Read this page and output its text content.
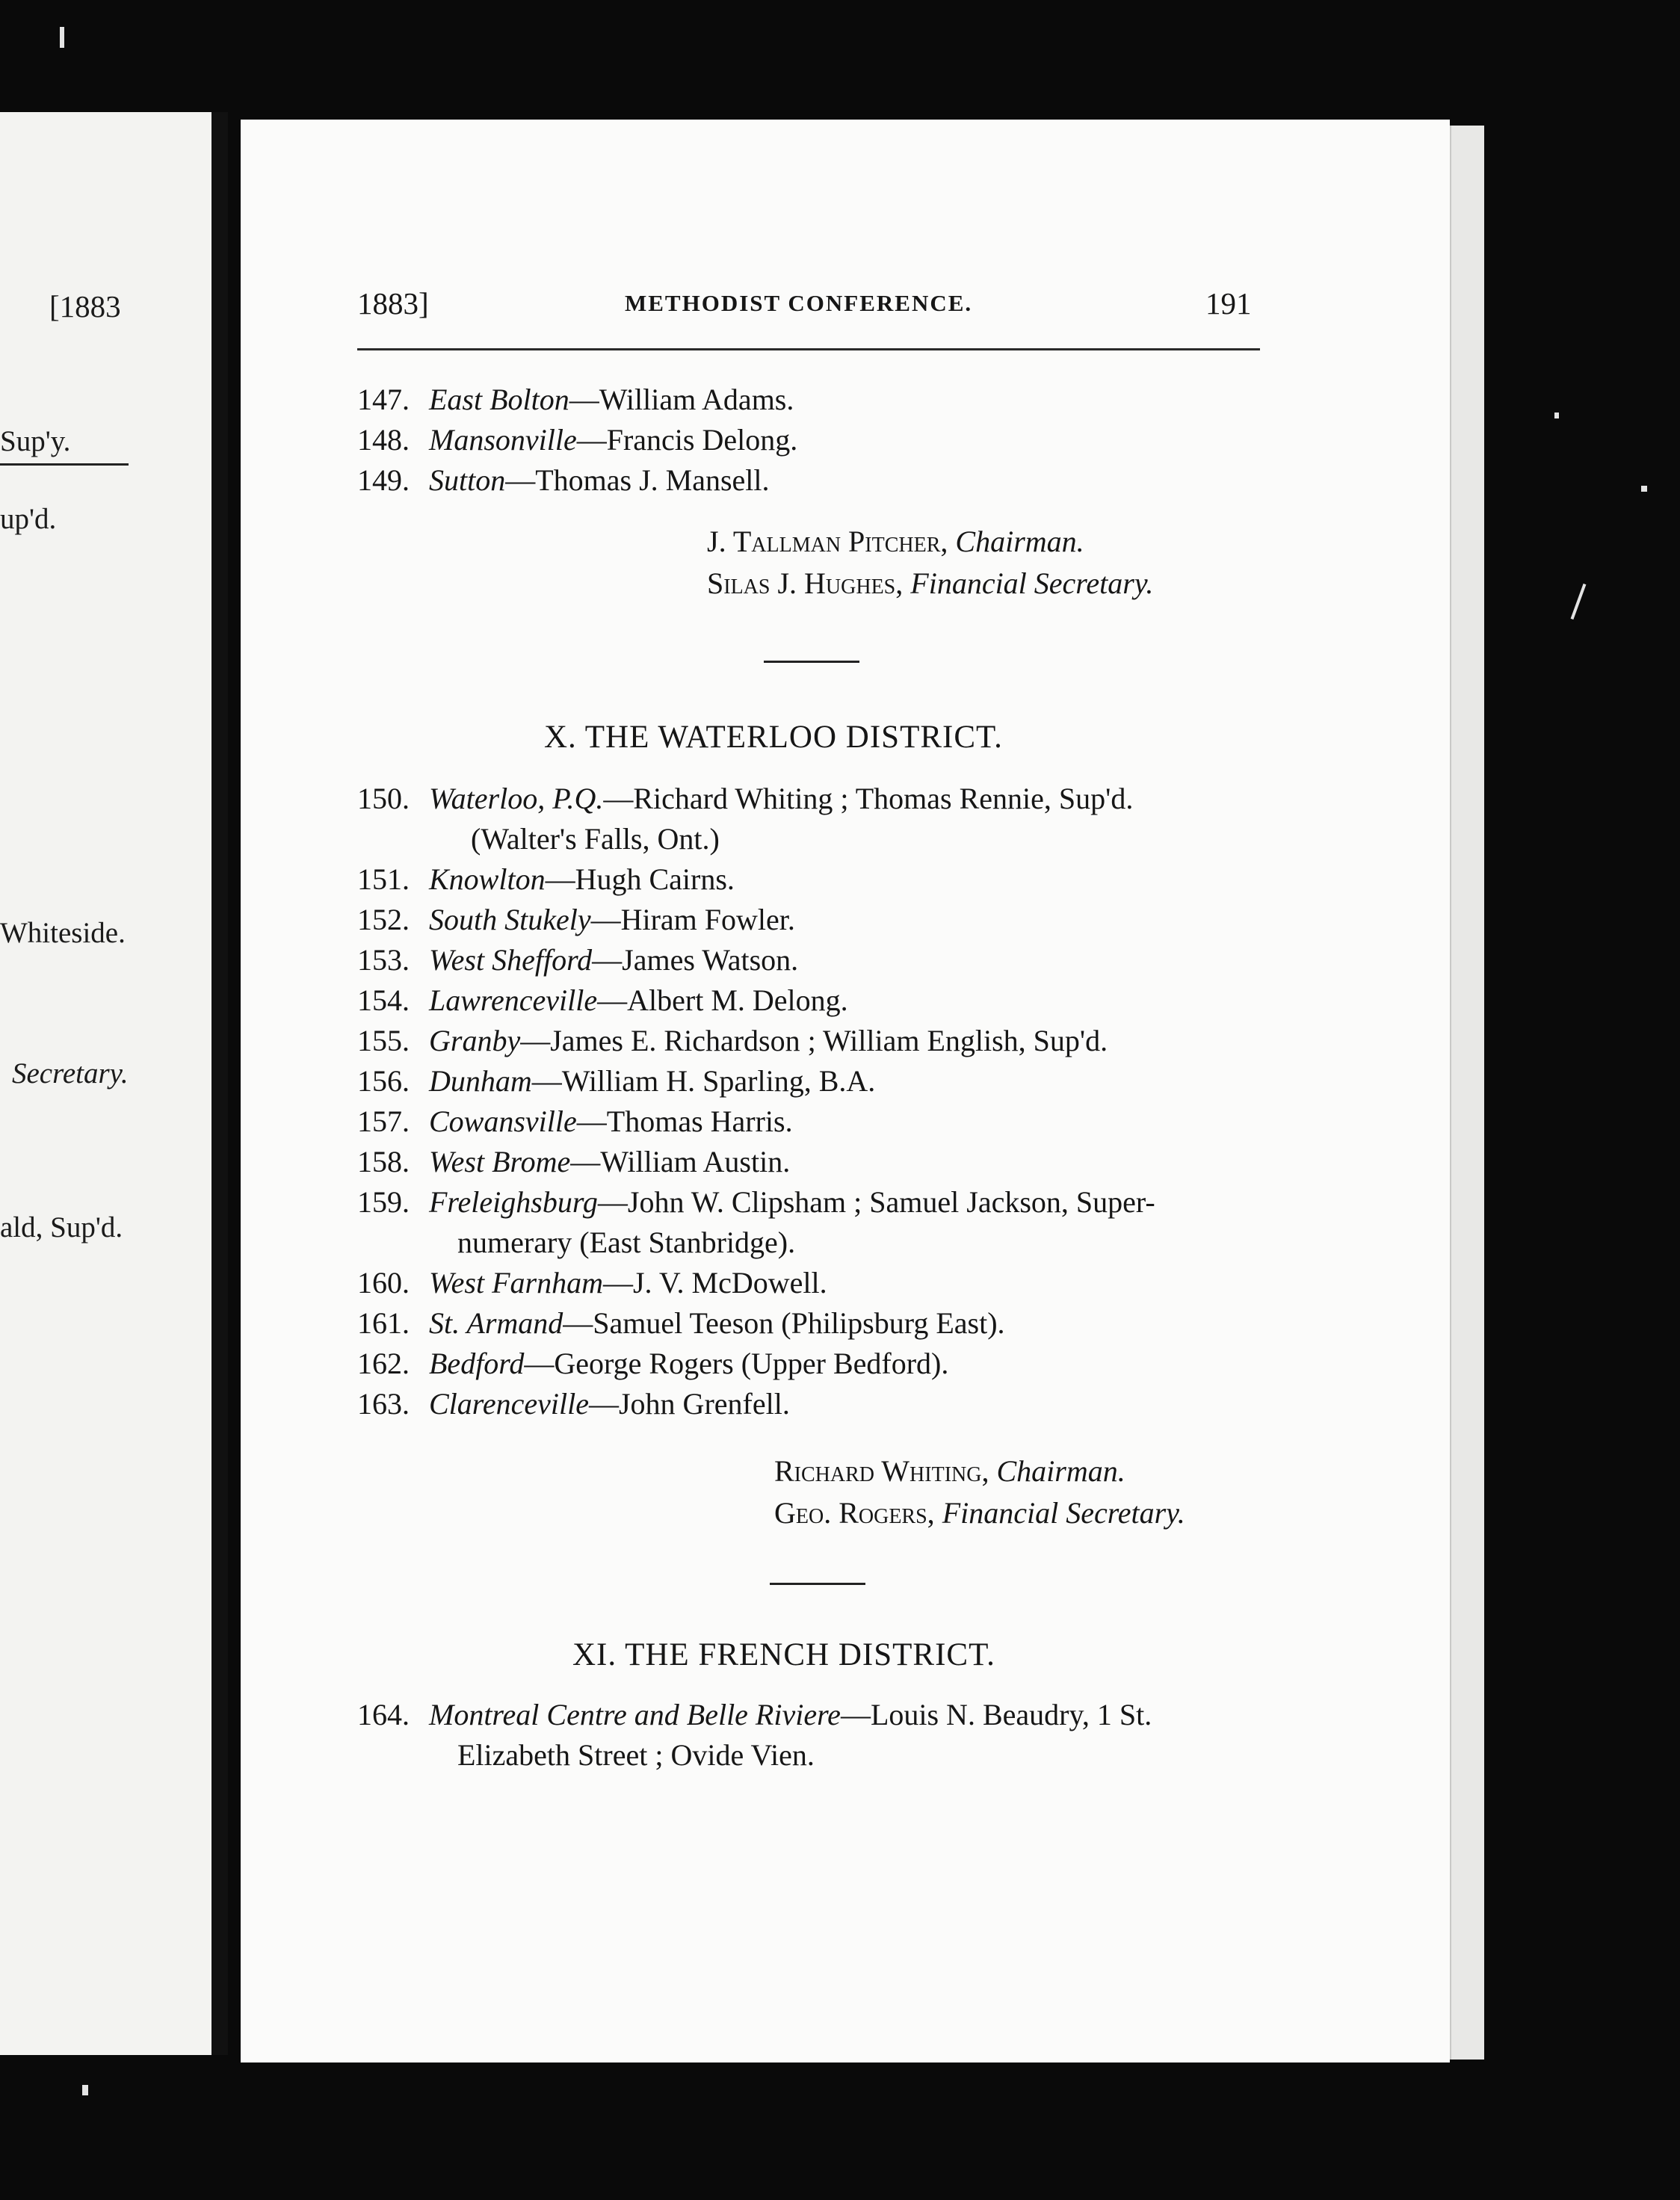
[1883
Sup'y.
up'd.
Whiteside.
Secretary.
ald, Sup'd.
1883]	METHODIST CONFERENCE.	191
147. East Bolton—William Adams.
148. Mansonville—Francis Delong.
149. Sutton—Thomas J. Mansell.
J. Tallman Pitcher, Chairman.
Silas J. Hughes, Financial Secretary.
X. THE WATERLOO DISTRICT.
150. Waterloo, P.Q.—Richard Whiting ; Thomas Rennie, Sup'd.
(Walter's Falls, Ont.)
151. Knowlton—Hugh Cairns.
152. South Stukely—Hiram Fowler.
153. West Shefford—James Watson.
154. Lawrenceville—Albert M. Delong.
155. Granby—James E. Richardson ; William English, Sup'd.
156. Dunham—William H. Sparling, B.A.
157. Cowansville—Thomas Harris.
158. West Brome—William Austin.
159. Freleighsburg—John W. Clipsham ; Samuel Jackson, Super-
numerary (East Stanbridge).
160. West Farnham—J. V. McDowell.
161. St. Armand—Samuel Teeson (Philipsburg East).
162. Bedford—George Rogers (Upper Bedford).
163. Clarenceville—John Grenfell.
Richard Whiting, Chairman.
Geo. Rogers, Financial Secretary.
XI. THE FRENCH DISTRICT.
164. Montreal Centre and Belle Riviere—Louis N. Beaudry, 1 St.
Elizabeth Street ; Ovide Vien.
